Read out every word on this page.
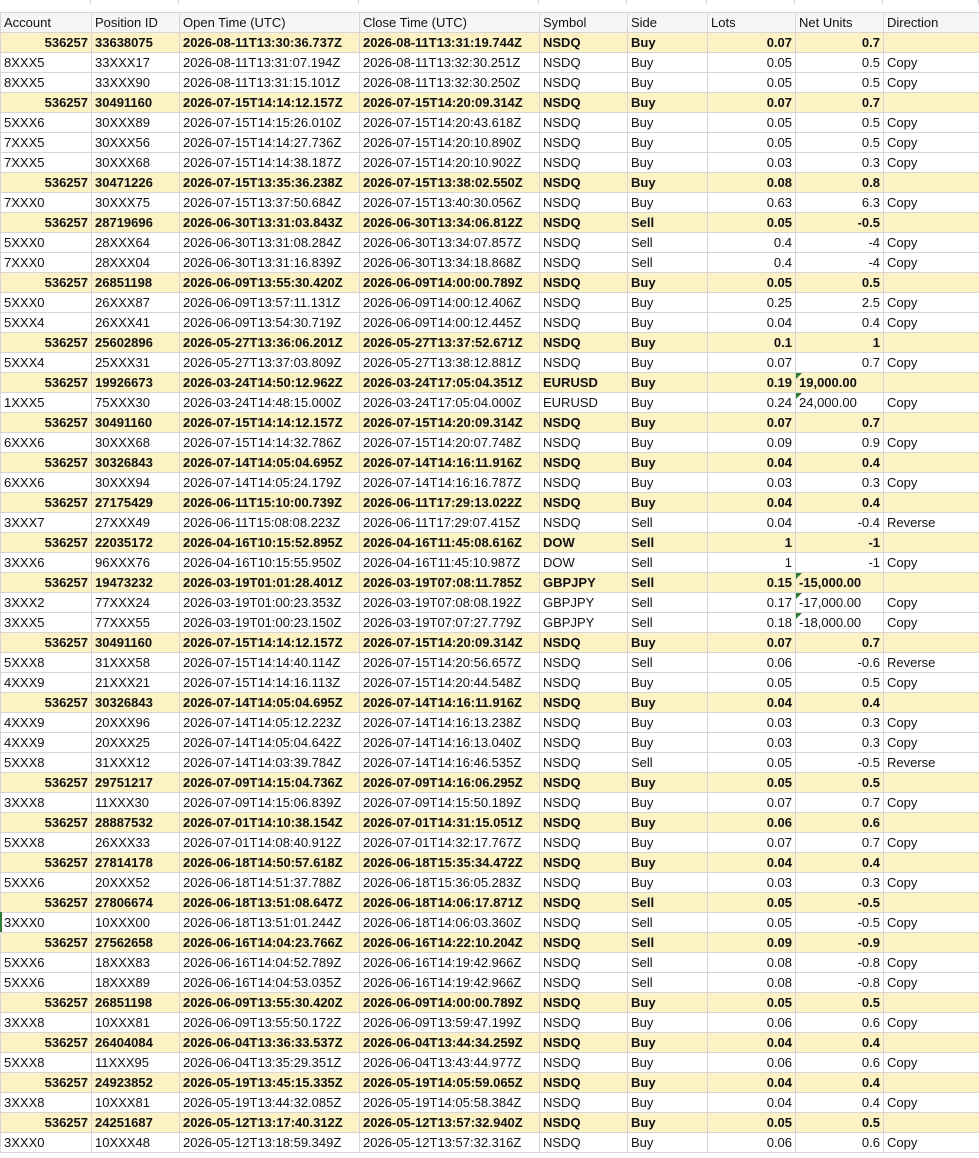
Account	Position ID	Open Time (UTC)	Close Time (UTC)	Symbol	Side	Lots	Net Units	Direction
536257	33638075	2026-08-11T13:30:36.737Z	2026-08-11T13:31:19.744Z	NSDQ	Buy	0.07	0.7	
8XXX5	33XXX17	2026-08-11T13:31:07.194Z	2026-08-11T13:32:30.251Z	NSDQ	Buy	0.05	0.5	Copy
8XXX5	33XXX90	2026-08-11T13:31:15.101Z	2026-08-11T13:32:30.250Z	NSDQ	Buy	0.05	0.5	Copy
536257	30491160	2026-07-15T14:14:12.157Z	2026-07-15T14:20:09.314Z	NSDQ	Buy	0.07	0.7	
5XXX6	30XXX89	2026-07-15T14:15:26.010Z	2026-07-15T14:20:43.618Z	NSDQ	Buy	0.05	0.5	Copy
7XXX5	30XXX56	2026-07-15T14:14:27.736Z	2026-07-15T14:20:10.890Z	NSDQ	Buy	0.05	0.5	Copy
7XXX5	30XXX68	2026-07-15T14:14:38.187Z	2026-07-15T14:20:10.902Z	NSDQ	Buy	0.03	0.3	Copy
536257	30471226	2026-07-15T13:35:36.238Z	2026-07-15T13:38:02.550Z	NSDQ	Buy	0.08	0.8	
7XXX0	30XXX75	2026-07-15T13:37:50.684Z	2026-07-15T13:40:30.056Z	NSDQ	Buy	0.63	6.3	Copy
536257	28719696	2026-06-30T13:31:03.843Z	2026-06-30T13:34:06.812Z	NSDQ	Sell	0.05	-0.5	
5XXX0	28XXX64	2026-06-30T13:31:08.284Z	2026-06-30T13:34:07.857Z	NSDQ	Sell	0.4	-4	Copy
7XXX0	28XXX04	2026-06-30T13:31:16.839Z	2026-06-30T13:34:18.868Z	NSDQ	Sell	0.4	-4	Copy
536257	26851198	2026-06-09T13:55:30.420Z	2026-06-09T14:00:00.789Z	NSDQ	Buy	0.05	0.5	
5XXX0	26XXX87	2026-06-09T13:57:11.131Z	2026-06-09T14:00:12.406Z	NSDQ	Buy	0.25	2.5	Copy
5XXX4	26XXX41	2026-06-09T13:54:30.719Z	2026-06-09T14:00:12.445Z	NSDQ	Buy	0.04	0.4	Copy
536257	25602896	2026-05-27T13:36:06.201Z	2026-05-27T13:37:52.671Z	NSDQ	Buy	0.1	1	
5XXX4	25XXX31	2026-05-27T13:37:03.809Z	2026-05-27T13:38:12.881Z	NSDQ	Buy	0.07	0.7	Copy
536257	19926673	2026-03-24T14:50:12.962Z	2026-03-24T17:05:04.351Z	EURUSD	Buy	0.19	19,000.00	
1XXX5	75XXX30	2026-03-24T14:48:15.000Z	2026-03-24T17:05:04.000Z	EURUSD	Buy	0.24	24,000.00	Copy
536257	30491160	2026-07-15T14:14:12.157Z	2026-07-15T14:20:09.314Z	NSDQ	Buy	0.07	0.7	
6XXX6	30XXX68	2026-07-15T14:14:32.786Z	2026-07-15T14:20:07.748Z	NSDQ	Buy	0.09	0.9	Copy
536257	30326843	2026-07-14T14:05:04.695Z	2026-07-14T14:16:11.916Z	NSDQ	Buy	0.04	0.4	
6XXX6	30XXX94	2026-07-14T14:05:24.179Z	2026-07-14T14:16:16.787Z	NSDQ	Buy	0.03	0.3	Copy
536257	27175429	2026-06-11T15:10:00.739Z	2026-06-11T17:29:13.022Z	NSDQ	Buy	0.04	0.4	
3XXX7	27XXX49	2026-06-11T15:08:08.223Z	2026-06-11T17:29:07.415Z	NSDQ	Sell	0.04	-0.4	Reverse
536257	22035172	2026-04-16T10:15:52.895Z	2026-04-16T11:45:08.616Z	DOW	Sell	1	-1	
3XXX6	96XXX76	2026-04-16T10:15:55.950Z	2026-04-16T11:45:10.987Z	DOW	Sell	1	-1	Copy
536257	19473232	2026-03-19T01:01:28.401Z	2026-03-19T07:08:11.785Z	GBPJPY	Sell	0.15	-15,000.00	
3XXX2	77XXX24	2026-03-19T01:00:23.353Z	2026-03-19T07:08:08.192Z	GBPJPY	Sell	0.17	-17,000.00	Copy
3XXX5	77XXX55	2026-03-19T01:00:23.150Z	2026-03-19T07:07:27.779Z	GBPJPY	Sell	0.18	-18,000.00	Copy
536257	30491160	2026-07-15T14:14:12.157Z	2026-07-15T14:20:09.314Z	NSDQ	Buy	0.07	0.7	
5XXX8	31XXX58	2026-07-15T14:14:40.114Z	2026-07-15T14:20:56.657Z	NSDQ	Sell	0.06	-0.6	Reverse
4XXX9	21XXX21	2026-07-15T14:14:16.113Z	2026-07-15T14:20:44.548Z	NSDQ	Buy	0.05	0.5	Copy
536257	30326843	2026-07-14T14:05:04.695Z	2026-07-14T14:16:11.916Z	NSDQ	Buy	0.04	0.4	
4XXX9	20XXX96	2026-07-14T14:05:12.223Z	2026-07-14T14:16:13.238Z	NSDQ	Buy	0.03	0.3	Copy
4XXX9	20XXX25	2026-07-14T14:05:04.642Z	2026-07-14T14:16:13.040Z	NSDQ	Buy	0.03	0.3	Copy
5XXX8	31XXX12	2026-07-14T14:03:39.784Z	2026-07-14T14:16:46.535Z	NSDQ	Sell	0.05	-0.5	Reverse
536257	29751217	2026-07-09T14:15:04.736Z	2026-07-09T14:16:06.295Z	NSDQ	Buy	0.05	0.5	
3XXX8	11XXX30	2026-07-09T14:15:06.839Z	2026-07-09T14:15:50.189Z	NSDQ	Buy	0.07	0.7	Copy
536257	28887532	2026-07-01T14:10:38.154Z	2026-07-01T14:31:15.051Z	NSDQ	Buy	0.06	0.6	
5XXX8	26XXX33	2026-07-01T14:08:40.912Z	2026-07-01T14:32:17.767Z	NSDQ	Buy	0.07	0.7	Copy
536257	27814178	2026-06-18T14:50:57.618Z	2026-06-18T15:35:34.472Z	NSDQ	Buy	0.04	0.4	
5XXX6	20XXX52	2026-06-18T14:51:37.788Z	2026-06-18T15:36:05.283Z	NSDQ	Buy	0.03	0.3	Copy
536257	27806674	2026-06-18T13:51:08.647Z	2026-06-18T14:06:17.871Z	NSDQ	Sell	0.05	-0.5	
3XXX0	10XXX00	2026-06-18T13:51:01.244Z	2026-06-18T14:06:03.360Z	NSDQ	Sell	0.05	-0.5	Copy
536257	27562658	2026-06-16T14:04:23.766Z	2026-06-16T14:22:10.204Z	NSDQ	Sell	0.09	-0.9	
5XXX6	18XXX83	2026-06-16T14:04:52.789Z	2026-06-16T14:19:42.966Z	NSDQ	Sell	0.08	-0.8	Copy
5XXX6	18XXX89	2026-06-16T14:04:53.035Z	2026-06-16T14:19:42.966Z	NSDQ	Sell	0.08	-0.8	Copy
536257	26851198	2026-06-09T13:55:30.420Z	2026-06-09T14:00:00.789Z	NSDQ	Buy	0.05	0.5	
3XXX8	10XXX81	2026-06-09T13:55:50.172Z	2026-06-09T13:59:47.199Z	NSDQ	Buy	0.06	0.6	Copy
536257	26404084	2026-06-04T13:36:33.537Z	2026-06-04T13:44:34.259Z	NSDQ	Buy	0.04	0.4	
5XXX8	11XXX95	2026-06-04T13:35:29.351Z	2026-06-04T13:43:44.977Z	NSDQ	Buy	0.06	0.6	Copy
536257	24923852	2026-05-19T13:45:15.335Z	2026-05-19T14:05:59.065Z	NSDQ	Buy	0.04	0.4	
3XXX8	10XXX81	2026-05-19T13:44:32.085Z	2026-05-19T14:05:58.384Z	NSDQ	Buy	0.04	0.4	Copy
536257	24251687	2026-05-12T13:17:40.312Z	2026-05-12T13:57:32.940Z	NSDQ	Buy	0.05	0.5	
3XXX0	10XXX48	2026-05-12T13:18:59.349Z	2026-05-12T13:57:32.316Z	NSDQ	Buy	0.06	0.6	Copy
